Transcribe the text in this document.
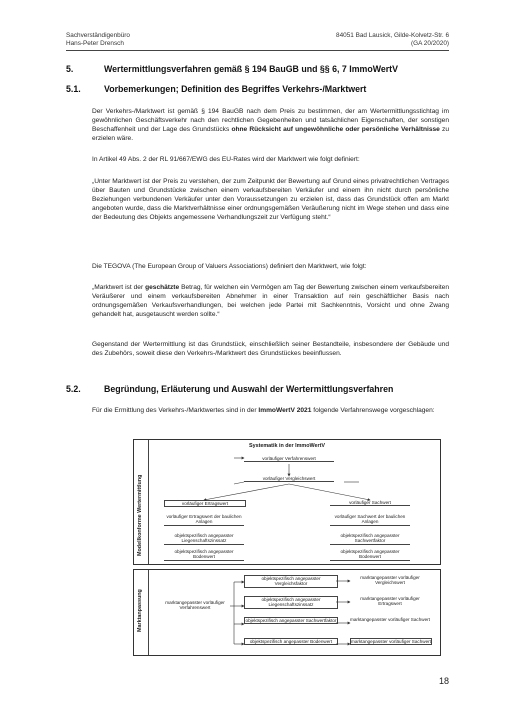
Sachverständigenbüro
Hans-Peter Drensch
84051 Bad Lausick, Gilde-Kolvetz-Str. 6
(GA 20/2020)
5.	Wertermittlungsverfahren gemäß § 194 BauGB und §§ 6, 7 ImmoWertV
5.1.	Vorbemerkungen; Definition des Begriffes Verkehrs-/Marktwert
Der Verkehrs-/Marktwert ist gemäß § 194 BauGB nach dem Preis zu bestimmen, der am Wertermittlungsstichtag im gewöhnlichen Geschäftsverkehr nach den rechtlichen Gegebenheiten und tatsächlichen Eigenschaften, der sonstigen Beschaffenheit und der Lage des Grundstücks ohne Rücksicht auf ungewöhnliche oder persönliche Verhältnisse zu erzielen wäre.
In Artikel 49 Abs. 2 der RL 91/667/EWG des EU-Rates wird der Marktwert wie folgt definiert:
„Unter Marktwert ist der Preis zu verstehen, der zum Zeitpunkt der Bewertung auf Grund eines privatrechtlichen Vertrages über Bauten und Grundstücke zwischen einem verkaufsbereiten Verkäufer und einem ihn nicht durch persönliche Beziehungen verbundenen Verkäufer unter den Voraussetzungen zu erzielen ist, dass das Grundstück offen am Markt angeboten wurde, dass die Marktverhältnisse einer ordnungsgemäßen Veräußerung nicht im Wege stehen und dass eine der Bedeutung des Objekts angemessene Verhandlungszeit zur Verfügung steht.“
Die TEGOVA (The European Group of Valuers Associations) definiert den Marktwert, wie folgt:
„Marktwert ist der geschätzte Betrag, für welchen ein Vermögen am Tag der Bewertung zwischen einem verkaufsbereiten Veräußerer und einem verkaufsbereiten Abnehmer in einer Transaktion auf rein geschäftlicher Basis nach ordnungsgemäßen Verkaufsverhandlungen, bei welchen jede Partei mit Sachkenntnis, Vorsicht und ohne Zwang gehandelt hat, ausgetauscht werden sollte.“
Gegenstand der Wertermittlung ist das Grundstück, einschließlich seiner Bestandteile, insbesondere der Gebäude und des Zubehörs, soweit diese den Verkehrs-/Marktwert des Grundstückes beeinflussen.
5.2.	Begründung, Erläuterung und Auswahl der Wertermittlungsverfahren
Für die Ermittlung des Verkehrs-/Marktwertes sind in der ImmoWertV 2021 folgende Verfahrenswege vorgeschlagen:
Systematik in der ImmoWertV
Modellkonforme Wertermittlung
vorläufiger Verfahrenswert
vorläufiger Vergleichswert
vorläufiger Ertragswert
vorläufiger Ertragswert der baulichen Anlagen
objektspezifisch angepasster Liegenschaftszinssatz
objektspezifisch angepasster Bodenwert
vorläufiger Sachwert
vorläufiger Sachwert der baulichen Anlagen
objektspezifisch angepasster Sachwertfaktor
objektspezifisch angepasster Bodenwert
Marktanpassung	marktangepasster vorläufiger Verfahrenswert
objektspezifisch angepasster Vergleichsfaktor
objektspezifisch angepasster Liegenschaftszinssatz
objektspezifisch angepasster Sachwertfaktor
objektspezifisch angepasster Bodenwert
marktangepasster vorläufiger Vergleichswert
marktangepasster vorläufiger Ertragswert
marktangepasster vorläufiger Sachwert
marktangepasster vorläufiger Sachwert
18
